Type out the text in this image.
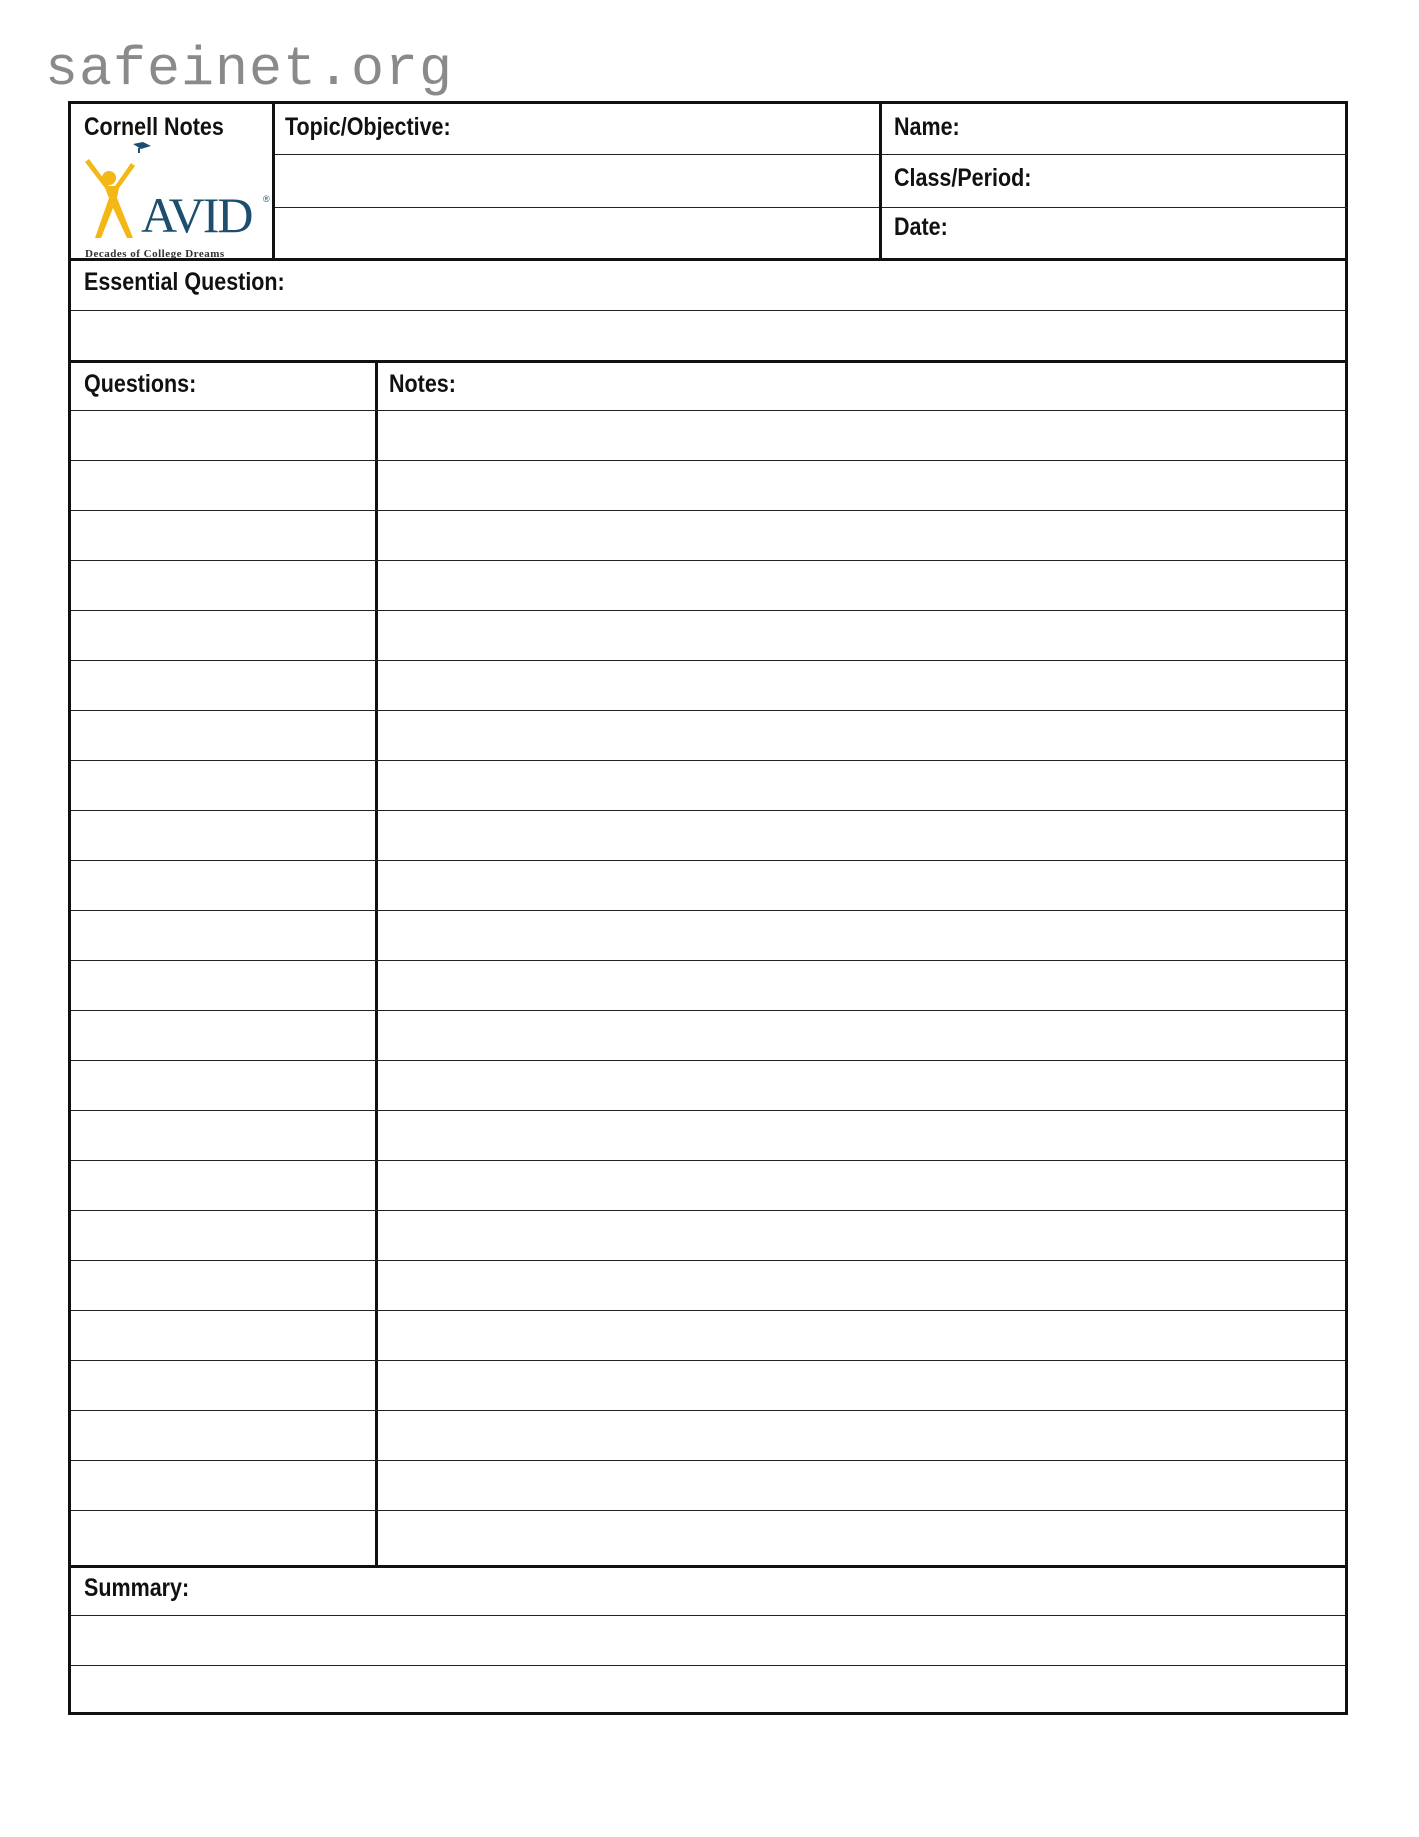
safeinet.org
Cornell Notes
AVID ®
Decades of College Dreams
Topic/Objective:	Name:
Class/Period:
Date:
Essential Question:
Questions:	Notes:
Summary:
